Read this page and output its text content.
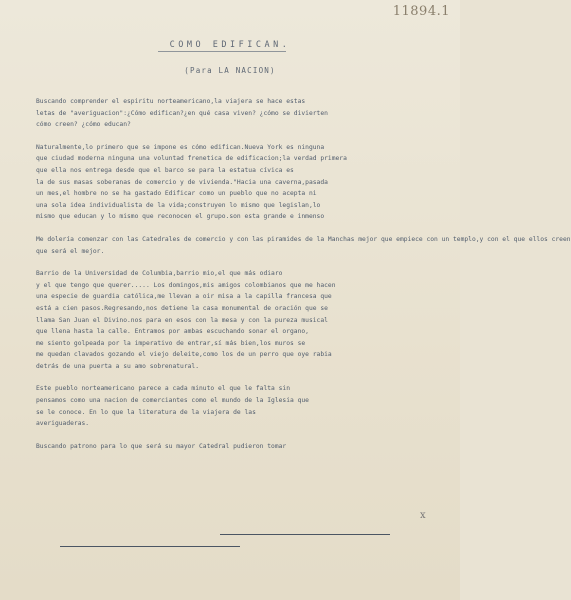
11894.1
COMO EDIFICAN.
(Para LA NACION)
Buscando comprender el espiritu norteamericano,la viajera se hace estas
letas de "averiguacion":¿Cómo edifican?¿en qué casa viven? ¿cómo se divierten
cómo creen? ¿cómo educan?
Naturalmente,lo primero que se impone es cómo edifican.Nueva York es ninguna
que ciudad moderna ninguna una voluntad frenetica de edificacion;la verdad primera
que ella nos entrega desde que el barco se para la estatua cívica es
la de sus masas soberanas de comercio y de vivienda."Hacia una caverna,pasada
un mes,el hombre no se ha gastado Edificar como un pueblo que no acepta ni
una sola idea individualista de la vida;construyen lo mismo que legislan,lo
mismo que educan y lo mismo que reconocen el grupo.son esta grande e inmenso
Me dolería comenzar con las Catedrales de comercio y con las piramides de la Manchas mejor que empiece con un templo,y con el que ellos creen
que será el mejor.
Barrio de la Universidad de Columbia,barrio mio,el que más odiaro
y el que tengo que querer..... Los domingos,mis amigos colombianos que me hacen
una especie de guardia católica,me llevan a oir misa a la capilla francesa que
está a cien pasos.Regresando,nos detiene la casa monumental de oración que se
llama San Juan el Divino.nos para en esos con la mesa y con la pureza musical
que llena hasta la calle. Entramos por ambas escuchando sonar el organo,
me siento golpeada por la imperativo de entrar,sí más bien,los muros se
me quedan clavados gozando el viejo deleite,como los de un perro que oye rabia
detrás de una puerta a su amo sobrenatural.
Este pueblo norteamericano parece a cada minuto el que le falta sin
pensamos como una nacion de comerciantes como el mundo de la Iglesia que
se le conoce. En lo que la literatura de la viajera de las
averiguaderas.
Buscando patrono para lo que será su mayor Catedral pudieron tomar
x
